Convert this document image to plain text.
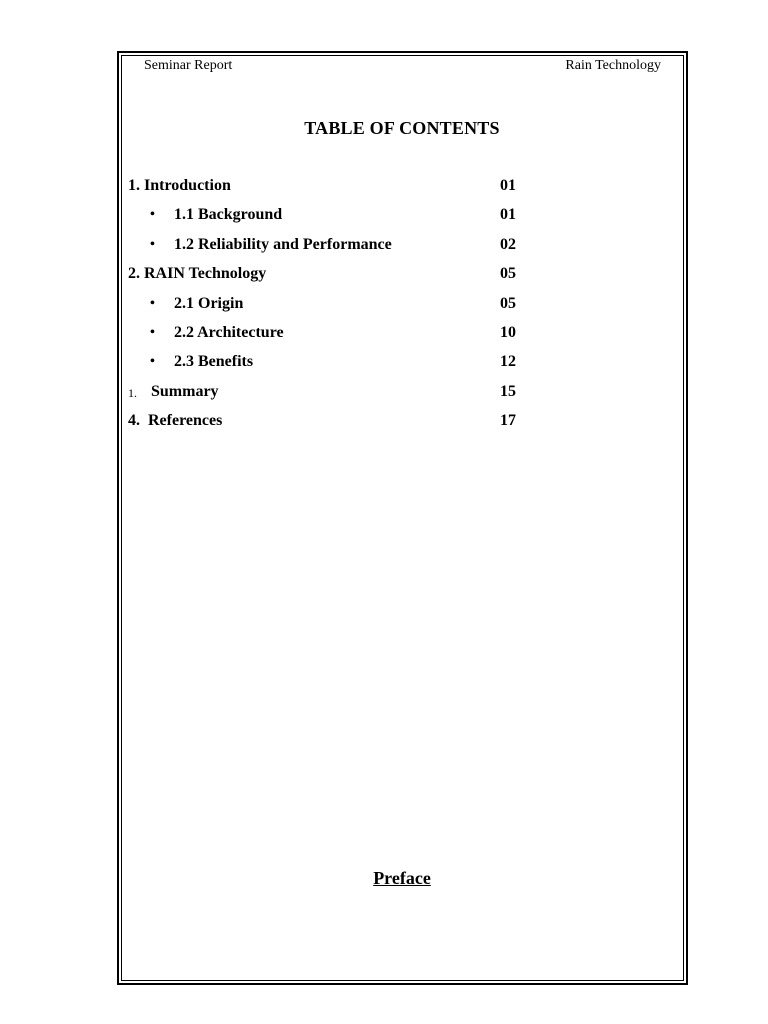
Seminar Report	Rain Technology
TABLE OF CONTENTS
1. Introduction	01
• 1.1 Background	01
• 1.2 Reliability and Performance	02
2. RAIN Technology	05
• 2.1 Origin	05
• 2.2 Architecture	10
• 2.3 Benefits	12
1. Summary	15
4.  References	17
Preface
